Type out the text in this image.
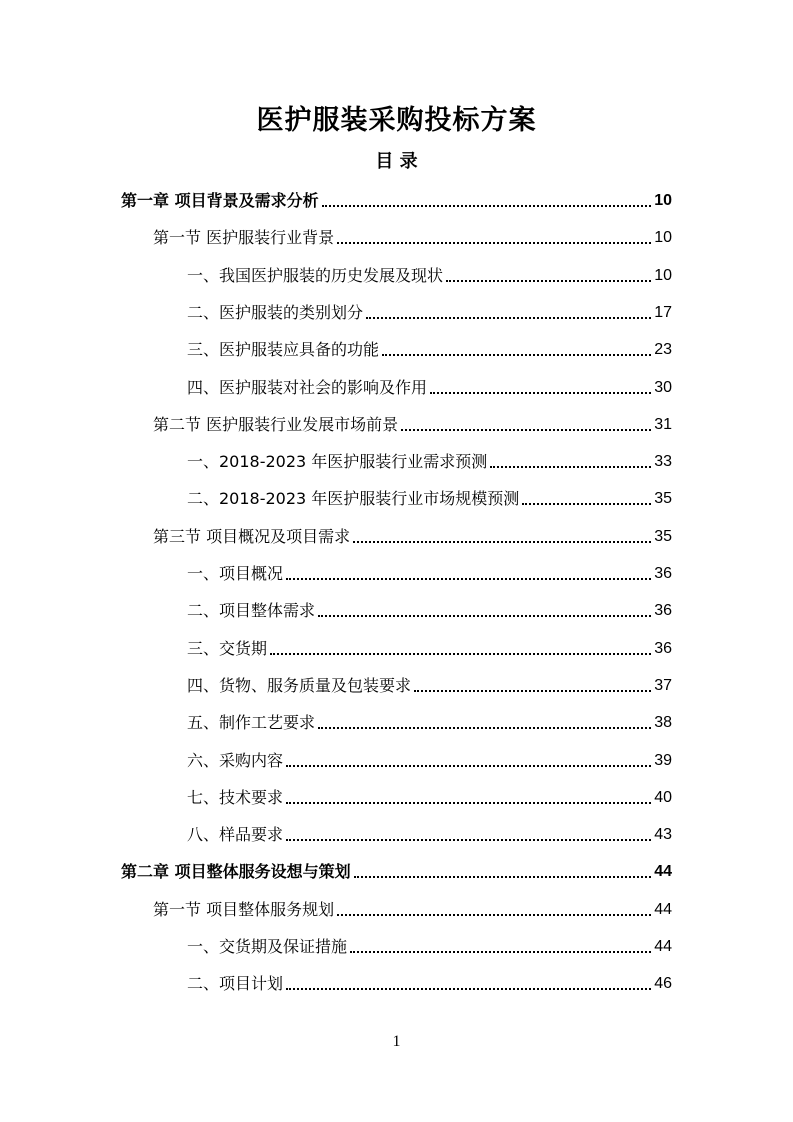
医护服装采购投标方案
目 录
第一章 项目背景及需求分析	10
第一节 医护服装行业背景	10
一、我国医护服装的历史发展及现状	10
二、医护服装的类别划分	17
三、医护服装应具备的功能	23
四、医护服装对社会的影响及作用	30
第二节 医护服装行业发展市场前景	31
一、2018-2023 年医护服装行业需求预测	33
二、2018-2023 年医护服装行业市场规模预测	35
第三节 项目概况及项目需求	35
一、项目概况	36
二、项目整体需求	36
三、交货期	36
四、货物、服务质量及包装要求	37
五、制作工艺要求	38
六、采购内容	39
七、技术要求	40
八、样品要求	43
第二章 项目整体服务设想与策划	44
第一节 项目整体服务规划	44
一、交货期及保证措施	44
二、项目计划	46
1
